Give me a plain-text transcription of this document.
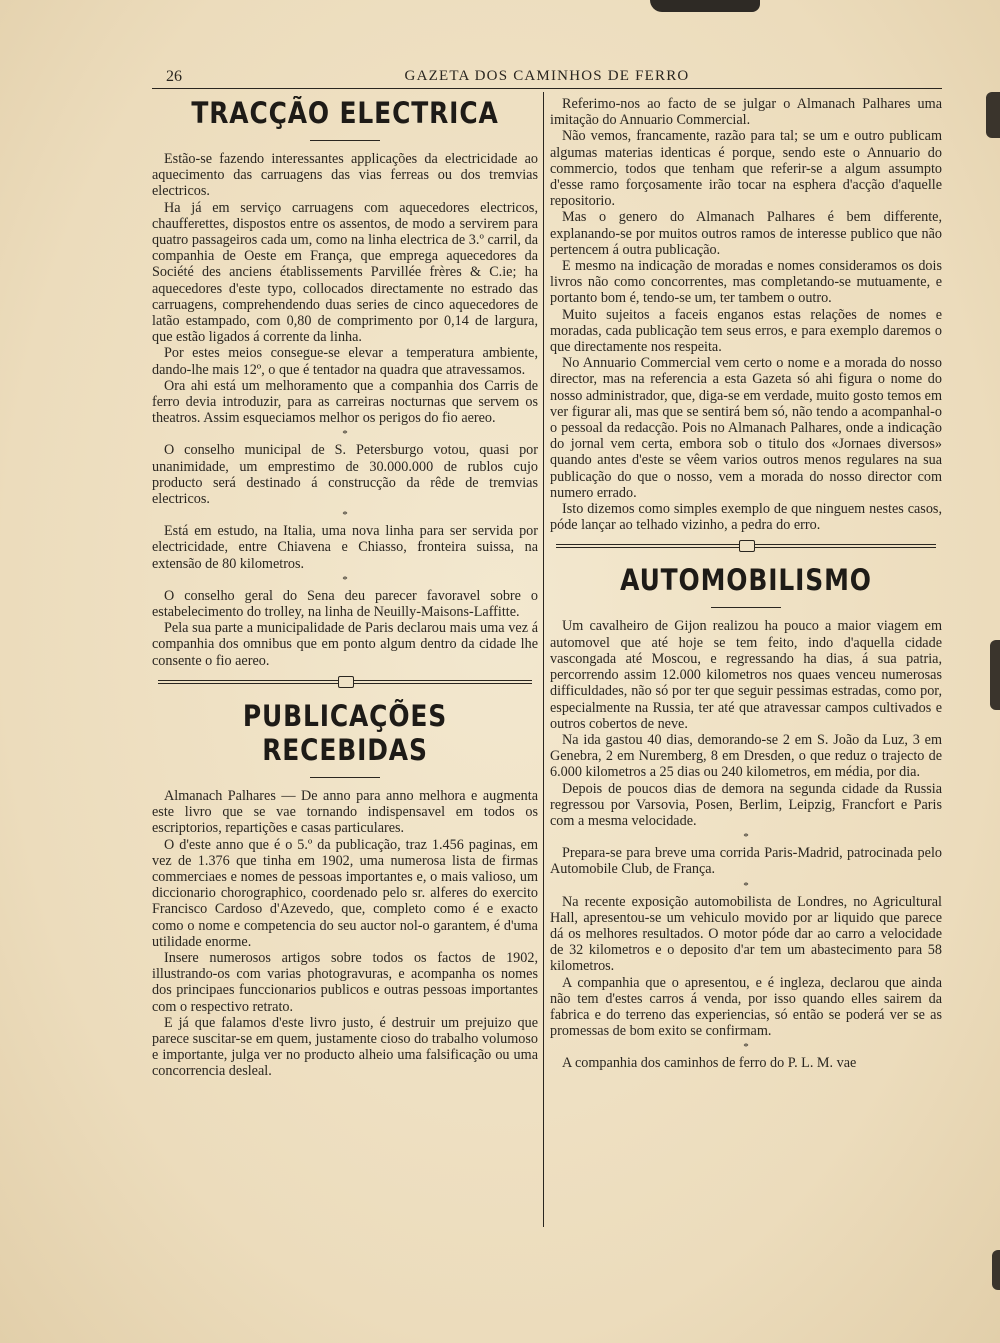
26	GAZETA DOS CAMINHOS DE FERRO
TRACÇÃO ELECTRICA

Estão-se fazendo interessantes applicações da electricidade ao aquecimento das carruagens das vias ferreas ou dos tremvias electricos.

Ha já em serviço carruagens com aquecedores electricos, chaufferettes, dispostos entre os assentos, de modo a servirem para quatro passageiros cada um, como na linha electrica de 3.º carril, da companhia de Oeste em França, que emprega aquecedores da Société des anciens établissements Parvillée frères & C.ie; ha aquecedores d'este typo, collocados directamente no estrado das carruagens, comprehendendo duas series de cinco aquecedores de latão estampado, com 0,80 de comprimento por 0,14 de largura, que estão ligados á corrente da linha.

Por estes meios consegue-se elevar a temperatura ambiente, dando-lhe mais 12º, o que é tentador na quadra que atravessamos.

Ora ahi está um melhoramento que a companhia dos Carris de ferro devia introduzir, para as carreiras nocturnas que servem os theatros. Assim esqueciamos melhor os perigos do fio aereo.

*

O conselho municipal de S. Petersburgo votou, quasi por unanimidade, um emprestimo de 30.000.000 de rublos cujo producto será destinado á construcção da rêde de tremvias electricos.

*

Está em estudo, na Italia, uma nova linha para ser servida por electricidade, entre Chiavena e Chiasso, fronteira suissa, na extensão de 80 kilometros.

*

O conselho geral do Sena deu parecer favoravel sobre o estabelecimento do trolley, na linha de Neuilly-Maisons-Laffitte.

Pela sua parte a municipalidade de Paris declarou mais uma vez á companhia dos omnibus que em ponto algum dentro da cidade lhe consente o fio aereo.

PUBLICAÇÕES RECEBIDAS

Almanach Palhares — De anno para anno melhora e augmenta este livro que se vae tornando indispensavel em todos os escriptorios, repartições e casas particulares.

O d'este anno que é o 5.º da publicação, traz 1.456 paginas, em vez de 1.376 que tinha em 1902, uma numerosa lista de firmas commerciaes e nomes de pessoas importantes e, o mais valioso, um diccionario chorographico, coordenado pelo sr. alferes do exercito Francisco Cardoso d'Azevedo, que, completo como é e exacto como o nome e competencia do seu auctor nol-o garantem, é d'uma utilidade enorme.

Insere numerosos artigos sobre todos os factos de 1902, illustrando-os com varias photogravuras, e acompanha os nomes dos principaes funccionarios publicos e outras pessoas importantes com o respectivo retrato.

E já que falamos d'este livro justo, é destruir um prejuizo que parece suscitar-se em quem, justamente cioso do trabalho volumoso e importante, julga ver no producto alheio uma falsificação ou uma concorrencia desleal.

Referimo-nos ao facto de se julgar o Almanach Palhares uma imitação do Annuario Commercial.

Não vemos, francamente, razão para tal; se um e outro publicam algumas materias identicas é porque, sendo este o Annuario do commercio, todos que tenham que referir-se a algum assumpto d'esse ramo forçosamente irão tocar na esphera d'acção d'aquelle repositorio.

Mas o genero do Almanach Palhares é bem differente, explanando-se por muitos outros ramos de interesse publico que não pertencem á outra publicação.

E mesmo na indicação de moradas e nomes consideramos os dois livros não como concorrentes, mas completando-se mutuamente, e portanto bom é, tendo-se um, ter tambem o outro.

Muito sujeitos a faceis enganos estas relações de nomes e moradas, cada publicação tem seus erros, e para exemplo daremos o que directamente nos respeita.

No Annuario Commercial vem certo o nome e a morada do nosso director, mas na referencia a esta Gazeta só ahi figura o nome do nosso administrador, que, diga-se em verdade, muito gosto temos em ver figurar ali, mas que se sentirá bem só, não tendo a acompanhal-o o pessoal da redacção. Pois no Almanach Palhares, onde a indicação do jornal vem certa, embora sob o titulo dos «Jornaes diversos» quando antes d'este se vêem varios outros menos regulares na sua publicação do que o nosso, vem a morada do nosso director com numero errado.

Isto dizemos como simples exemplo de que ninguem nestes casos, póde lançar ao telhado vizinho, a pedra do erro.

AUTOMOBILISMO

Um cavalheiro de Gijon realizou ha pouco a maior viagem em automovel que até hoje se tem feito, indo d'aquella cidade vascongada até Moscou, e regressando ha dias, á sua patria, percorrendo assim 12.000 kilometros nos quaes venceu numerosas difficuldades, não só por ter que seguir pessimas estradas, como por, especialmente na Russia, ter até que atravessar campos cultivados e outros cobertos de neve.

Na ida gastou 40 dias, demorando-se 2 em S. João da Luz, 3 em Genebra, 2 em Nuremberg, 8 em Dresden, o que reduz o trajecto de 6.000 kilometros a 25 dias ou 240 kilometros, em média, por dia.

Depois de poucos dias de demora na segunda cidade da Russia regressou por Varsovia, Posen, Berlim, Leipzig, Francfort e Paris com a mesma velocidade.

*

Prepara-se para breve uma corrida Paris-Madrid, patrocinada pelo Automobile Club, de França.

*

Na recente exposição automobilista de Londres, no Agricultural Hall, apresentou-se um vehiculo movido por ar liquido que parece dá os melhores resultados. O motor póde dar ao carro a velocidade de 32 kilometros e o deposito d'ar tem um abastecimento para 58 kilometros.

A companhia que o apresentou, e é ingleza, declarou que ainda não tem d'estes carros á venda, por isso quando elles sairem da fabrica e do terreno das experiencias, só então se poderá ver se as promessas de bom exito se confirmam.

*

A companhia dos caminhos de ferro do P. L. M. vae
